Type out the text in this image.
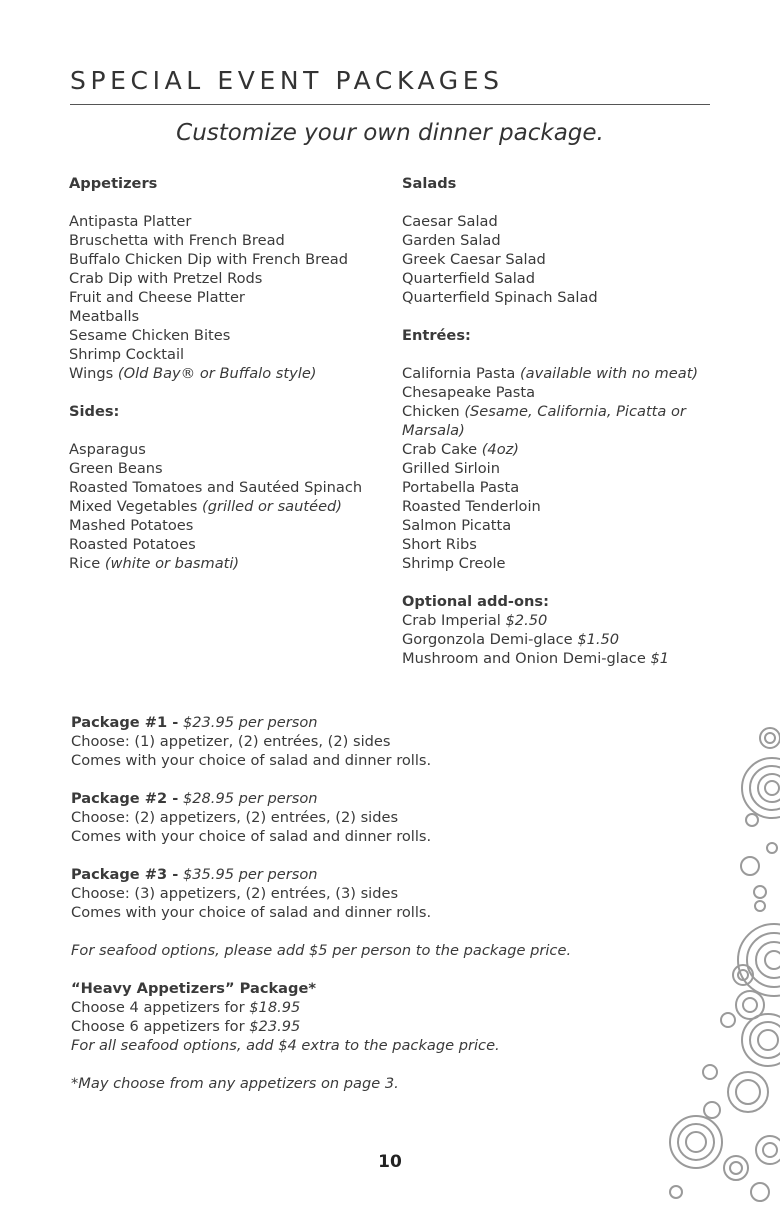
SPECIAL EVENT PACKAGES
Customize your own dinner package.
Appetizers
Antipasta Platter
Bruschetta with French Bread
Buffalo Chicken Dip with French Bread
Crab Dip with Pretzel Rods
Fruit and Cheese Platter
Meatballs
Sesame Chicken Bites
Shrimp Cocktail
Wings (Old Bay® or Buffalo style)
Sides:
Asparagus
Green Beans
Roasted Tomatoes and Sautéed Spinach
Mixed Vegetables (grilled or sautéed)
Mashed Potatoes
Roasted Potatoes
Rice (white or basmati)
Salads
Caesar Salad
Garden Salad
Greek Caesar Salad
Quarterfield Salad
Quarterfield Spinach Salad
Entrées:
California Pasta (available with no meat)
Chesapeake Pasta
Chicken (Sesame, California, Picatta or Marsala)
Crab Cake (4oz)
Grilled Sirloin
Portabella Pasta
Roasted Tenderloin
Salmon Picatta
Short Ribs
Shrimp Creole
Optional add-ons:
Crab Imperial $2.50
Gorgonzola Demi-glace $1.50
Mushroom and Onion Demi-glace $1
Package #1 - $23.95 per person
Choose: (1) appetizer, (2) entrées, (2) sides
Comes with your choice of salad and dinner rolls.
Package #2 - $28.95 per person
Choose: (2) appetizers, (2) entrées, (2) sides
Comes with your choice of salad and dinner rolls.
Package #3 - $35.95 per person
Choose: (3) appetizers, (2) entrées, (3) sides
Comes with your choice of salad and dinner rolls.
For seafood options, please add $5 per person to the package price.
“Heavy Appetizers” Package*
Choose 4 appetizers for $18.95
Choose 6 appetizers for $23.95
For all seafood options, add $4 extra to the package price.
*May choose from any appetizers on page 3.
10
